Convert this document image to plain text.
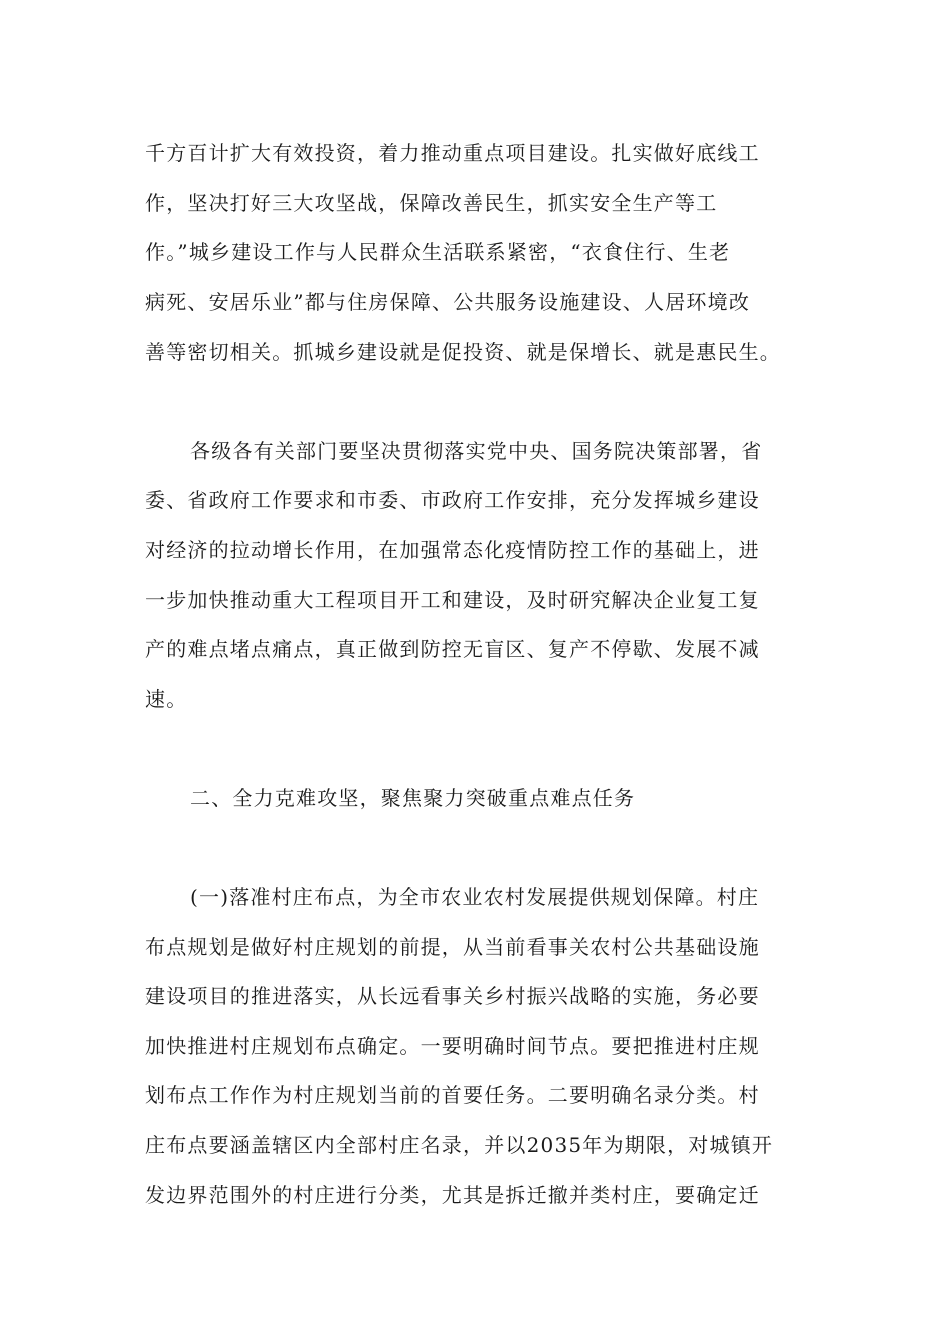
千方百计扩大有效投资，着力推动重点项目建设。扎实做好底线工
作，坚决打好三大攻坚战，保障改善民生，抓实安全生产等工
作。”城乡建设工作与人民群众生活联系紧密，“衣食住行、生老
病死、安居乐业”都与住房保障、公共服务设施建设、人居环境改
善等密切相关。抓城乡建设就是促投资、就是保增长、就是惠民生。
各级各有关部门要坚决贯彻落实党中央、国务院决策部署，省
委、省政府工作要求和市委、市政府工作安排，充分发挥城乡建设
对经济的拉动增长作用，在加强常态化疫情防控工作的基础上，进
一步加快推动重大工程项目开工和建设，及时研究解决企业复工复
产的难点堵点痛点，真正做到防控无盲区、复产不停歇、发展不减
速。
二、全力克难攻坚，聚焦聚力突破重点难点任务
(一)落准村庄布点，为全市农业农村发展提供规划保障。村庄
布点规划是做好村庄规划的前提，从当前看事关农村公共基础设施
建设项目的推进落实，从长远看事关乡村振兴战略的实施，务必要
加快推进村庄规划布点确定。一要明确时间节点。要把推进村庄规
划布点工作作为村庄规划当前的首要任务。二要明确名录分类。村
庄布点要涵盖辖区内全部村庄名录，并以2035年为期限，对城镇开
发边界范围外的村庄进行分类，尤其是拆迁撤并类村庄，要确定迁
